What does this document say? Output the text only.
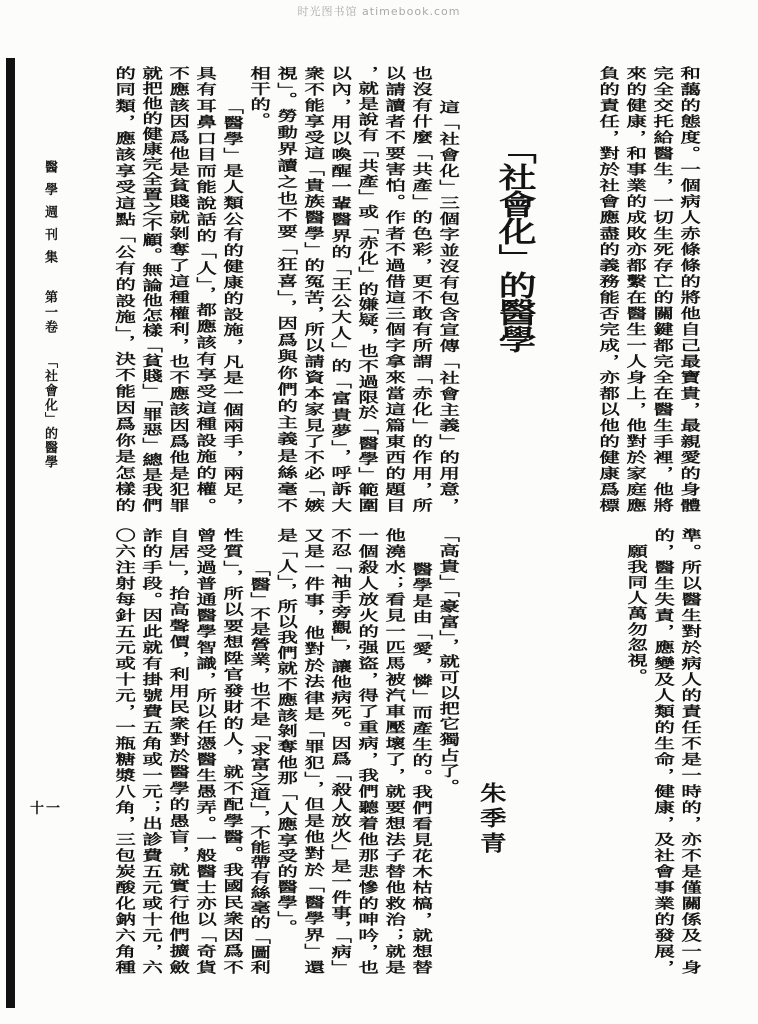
时光图书馆 atimebook.com
和藹的態度。一個病人赤條條的將他自己最寶貴，最親愛的身體
完全交托給醫生，一切生死存亡的關鍵都完全在醫生手裡，他將
來的健康，和事業的成敗亦都繫在醫生一人身上，他對於家庭應
負的責任，對於社會應盡的義務能否完成，亦都以他的健康爲標
準。所以醫生對於病人的責任不是一時的，亦不是僅關係及一身
的，醫生失責，應變及人類的生命，健康，及社會事業的發展，
願我同人萬勿忽視。
「社會化」的醫學
朱季青
這「社會化」三個字並沒有包含宣傳「社會主義」的用意，
也沒有什麼「共產」的色彩，更不敢有所謂「赤化」的作用，所
以請讀者不要害怕。作者不過借這三個字拿來當這篇東西的題目
，就是說有「共產」或「赤化」的嫌疑，也不過限於「醫學」範圍
以內，用以喚醒一輩醫界的「王公大人」的「富貴夢」，呼訴大
衆不能享受這「貴族醫學」的冤苦，所以請資本家見了不必「嫉
視」。勞動界讀之也不要「狂喜」，因爲與你們的主義是絲毫不
相干的。
「醫學」是人類公有的健康的設施，凡是一個兩手，兩足，
具有耳鼻口目而能說話的「人」，都應該有享受這種設施的權。
不應該因爲他是貧賤就剝奪了這種權利，也不應該因爲他是犯罪
就把他的健康完全置之不顧。無論他怎樣「貧賤」「罪惡」總是我們
的同類，應該享受這點「公有的設施」，決不能因爲你是怎樣的
「高貴」「豪富」，就可以把它獨占了。
醫學是由「愛，憐」而產生的。我們看見花木枯槁，就想替
他澆水；看見一匹馬被汽車壓壞了，就要想法子替他救治；就是
一個殺人放火的强盜，得了重病，我們聽着他那悲慘的呻吟，也
不忍「袖手旁觀」，讓他病死。因爲「殺人放火」是一件事，「病」
又是一件事，他對於法律是「罪犯」，但是他對於「醫學界」還
是「人」，所以我們就不應該剝奪他那「人應享受的醫學」。
「醫」不是營業，也不是「求富之道」，不能帶有絲毫的「圖利
性質」，所以要想陞官發財的人，就不配學醫。我國民衆因爲不
曾受過普通醫學智識，所以任憑醫生愚弄。一般醫士亦以「奇貨
自居」，抬高聲價，利用民衆對於醫學的愚盲，就實行他們擴斂
詐的手段。因此就有掛號費五角或一元；出診費五元或十元，六
〇六注射每針五元或十元，一瓶糖漿八角，三包炭酸化鈉六角種
醫學週刊集
第一卷
「社會化」的醫學
十一
